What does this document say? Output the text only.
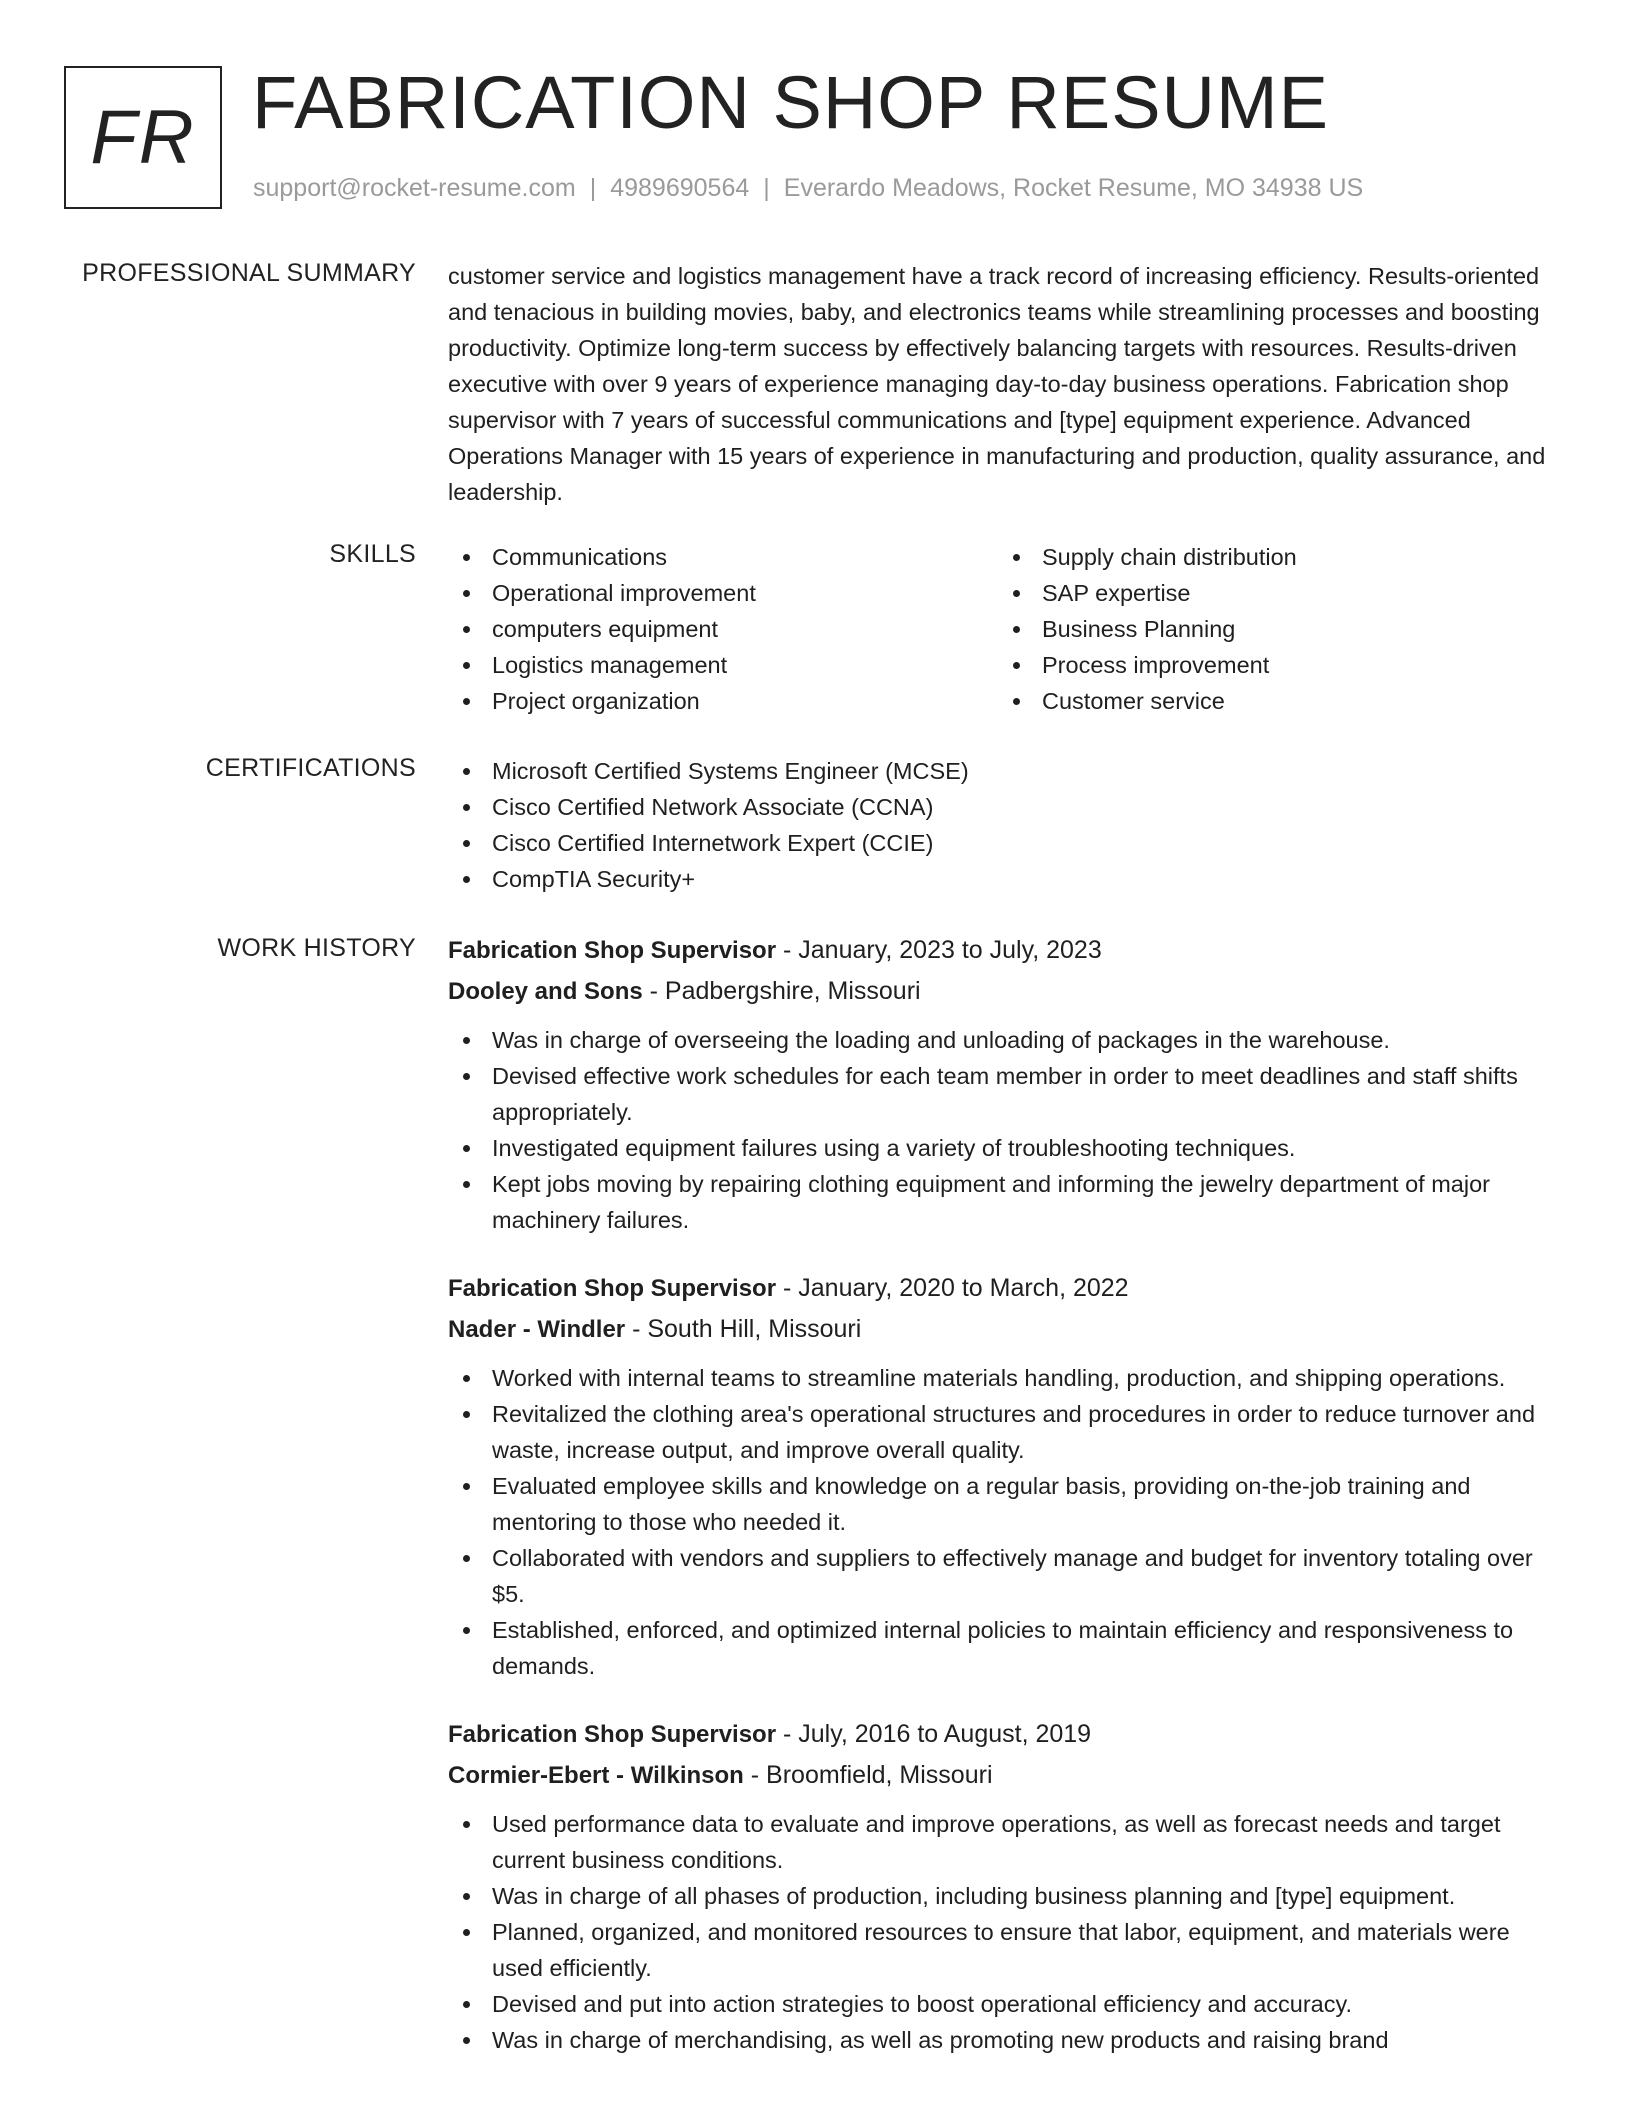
FR FABRICATION SHOP RESUME
support@rocket-resume.com | 4989690564 | Everardo Meadows, Rocket Resume, MO 34938 US
PROFESSIONAL SUMMARY customer service and logistics management have a track record of increasing efficiency. Results-oriented and tenacious in building movies, baby, and electronics teams while streamlining processes and boosting productivity. Optimize long-term success by effectively balancing targets with resources. Results-driven executive with over 9 years of experience managing day-to-day business operations. Fabrication shop supervisor with 7 years of successful communications and [type] equipment experience. Advanced Operations Manager with 15 years of experience in manufacturing and production, quality assurance, and leadership.
SKILLS	Communications
Operational improvement
computers equipment
Logistics management
Project organization
Supply chain distribution
SAP expertise
Business Planning
Process improvement
Customer service
CERTIFICATIONS	Microsoft Certified Systems Engineer (MCSE)
Cisco Certified Network Associate (CCNA)
Cisco Certified Internetwork Expert (CCIE)
CompTIA Security+
WORK HISTORY Fabrication Shop Supervisor - January, 2023 to July, 2023
Dooley and Sons - Padbergshire, Missouri
Was in charge of overseeing the loading and unloading of packages in the warehouse.
Devised effective work schedules for each team member in order to meet deadlines and staff shifts appropriately.
Investigated equipment failures using a variety of troubleshooting techniques.
Kept jobs moving by repairing clothing equipment and informing the jewelry department of major machinery failures.
Fabrication Shop Supervisor - January, 2020 to March, 2022
Nader - Windler - South Hill, Missouri
Worked with internal teams to streamline materials handling, production, and shipping operations.
Revitalized the clothing area's operational structures and procedures in order to reduce turnover and waste, increase output, and improve overall quality.
Evaluated employee skills and knowledge on a regular basis, providing on-the-job training and mentoring to those who needed it.
Collaborated with vendors and suppliers to effectively manage and budget for inventory totaling over $5.
Established, enforced, and optimized internal policies to maintain efficiency and responsiveness to demands.
Fabrication Shop Supervisor - July, 2016 to August, 2019
Cormier-Ebert - Wilkinson - Broomfield, Missouri
Used performance data to evaluate and improve operations, as well as forecast needs and target current business conditions.
Was in charge of all phases of production, including business planning and [type] equipment.
Planned, organized, and monitored resources to ensure that labor, equipment, and materials were used efficiently.
Devised and put into action strategies to boost operational efficiency and accuracy.
Was in charge of merchandising, as well as promoting new products and raising brand
